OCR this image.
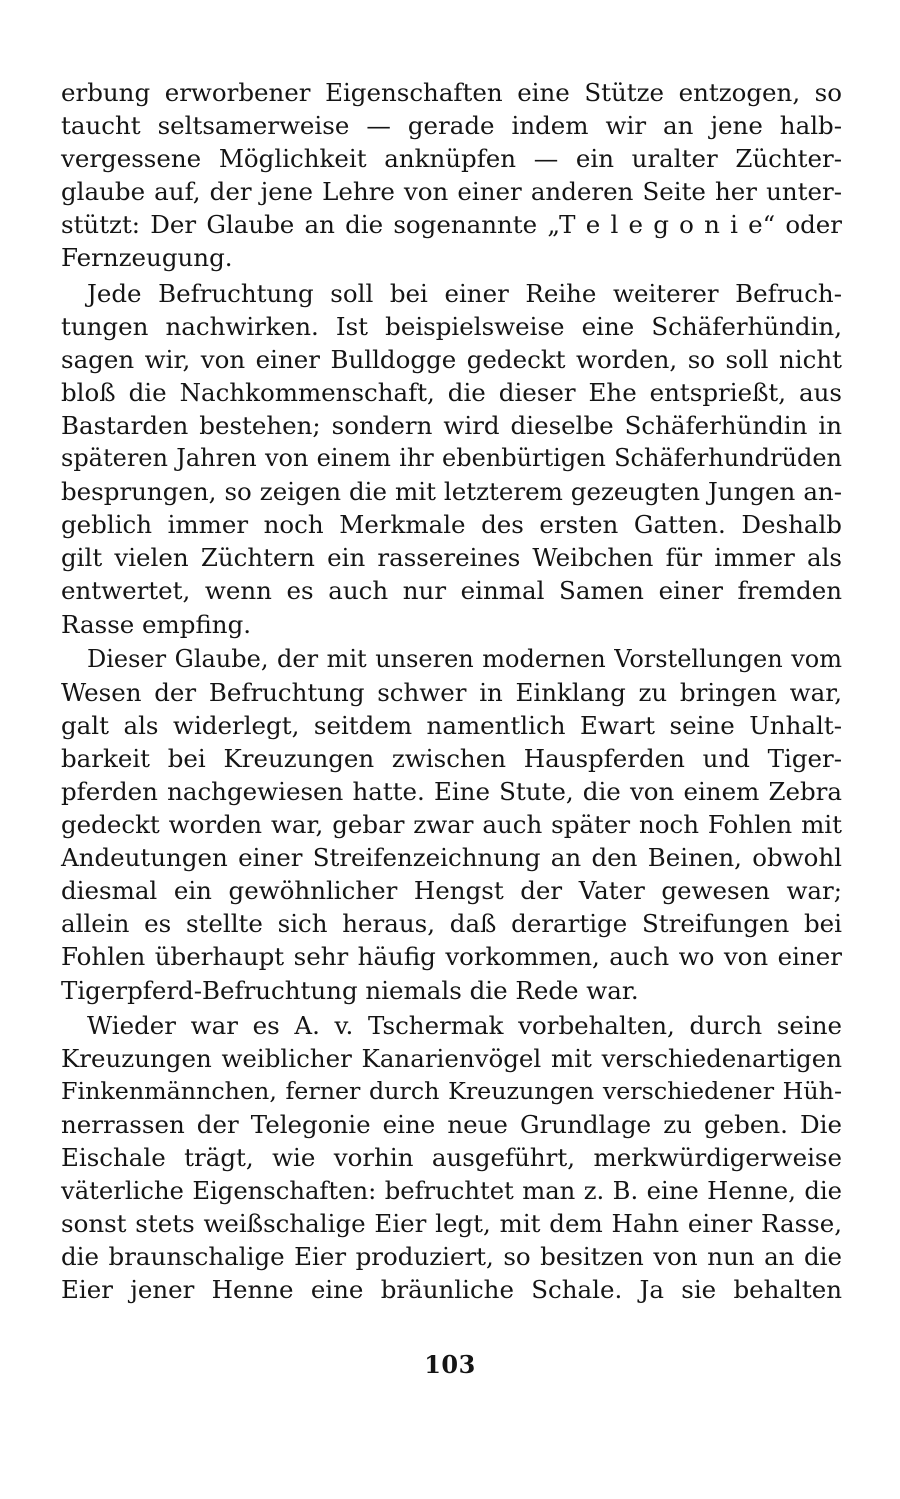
erbung erworbener Eigenschaften eine Stütze entzogen, so
taucht seltsamerweise — gerade indem wir an jene halb-
vergessene Möglichkeit anknüpfen — ein uralter Züchter-
glaube auf, der jene Lehre von einer anderen Seite her unter-
stützt: Der Glaube an die sogenannte „T e l e g o n i e“ oder
Fernzeugung.
Jede Befruchtung soll bei einer Reihe weiterer Befruch-
tungen nachwirken. Ist beispielsweise eine Schäferhündin,
sagen wir, von einer Bulldogge gedeckt worden, so soll nicht
bloß die Nachkommenschaft, die dieser Ehe entsprießt, aus
Bastarden bestehen; sondern wird dieselbe Schäferhündin in
späteren Jahren von einem ihr ebenbürtigen Schäferhundrüden
besprungen, so zeigen die mit letzterem gezeugten Jungen an-
geblich immer noch Merkmale des ersten Gatten. Deshalb
gilt vielen Züchtern ein rassereines Weibchen für immer als
entwertet, wenn es auch nur einmal Samen einer fremden
Rasse empfing.
Dieser Glaube, der mit unseren modernen Vorstellungen vom
Wesen der Befruchtung schwer in Einklang zu bringen war,
galt als widerlegt, seitdem namentlich Ewart seine Unhalt-
barkeit bei Kreuzungen zwischen Hauspferden und Tiger-
pferden nachgewiesen hatte. Eine Stute, die von einem Zebra
gedeckt worden war, gebar zwar auch später noch Fohlen mit
Andeutungen einer Streifenzeichnung an den Beinen, obwohl
diesmal ein gewöhnlicher Hengst der Vater gewesen war;
allein es stellte sich heraus, daß derartige Streifungen bei
Fohlen überhaupt sehr häufig vorkommen, auch wo von einer
Tigerpferd-Befruchtung niemals die Rede war.
Wieder war es A. v. Tschermak vorbehalten, durch seine
Kreuzungen weiblicher Kanarienvögel mit verschiedenartigen
Finkenmännchen, ferner durch Kreuzungen verschiedener Hüh-
nerrassen der Telegonie eine neue Grundlage zu geben. Die
Eischale trägt, wie vorhin ausgeführt, merkwürdigerweise
väterliche Eigenschaften: befruchtet man z. B. eine Henne, die
sonst stets weißschalige Eier legt, mit dem Hahn einer Rasse,
die braunschalige Eier produziert, so besitzen von nun an die
Eier jener Henne eine bräunliche Schale. Ja sie behalten
103
